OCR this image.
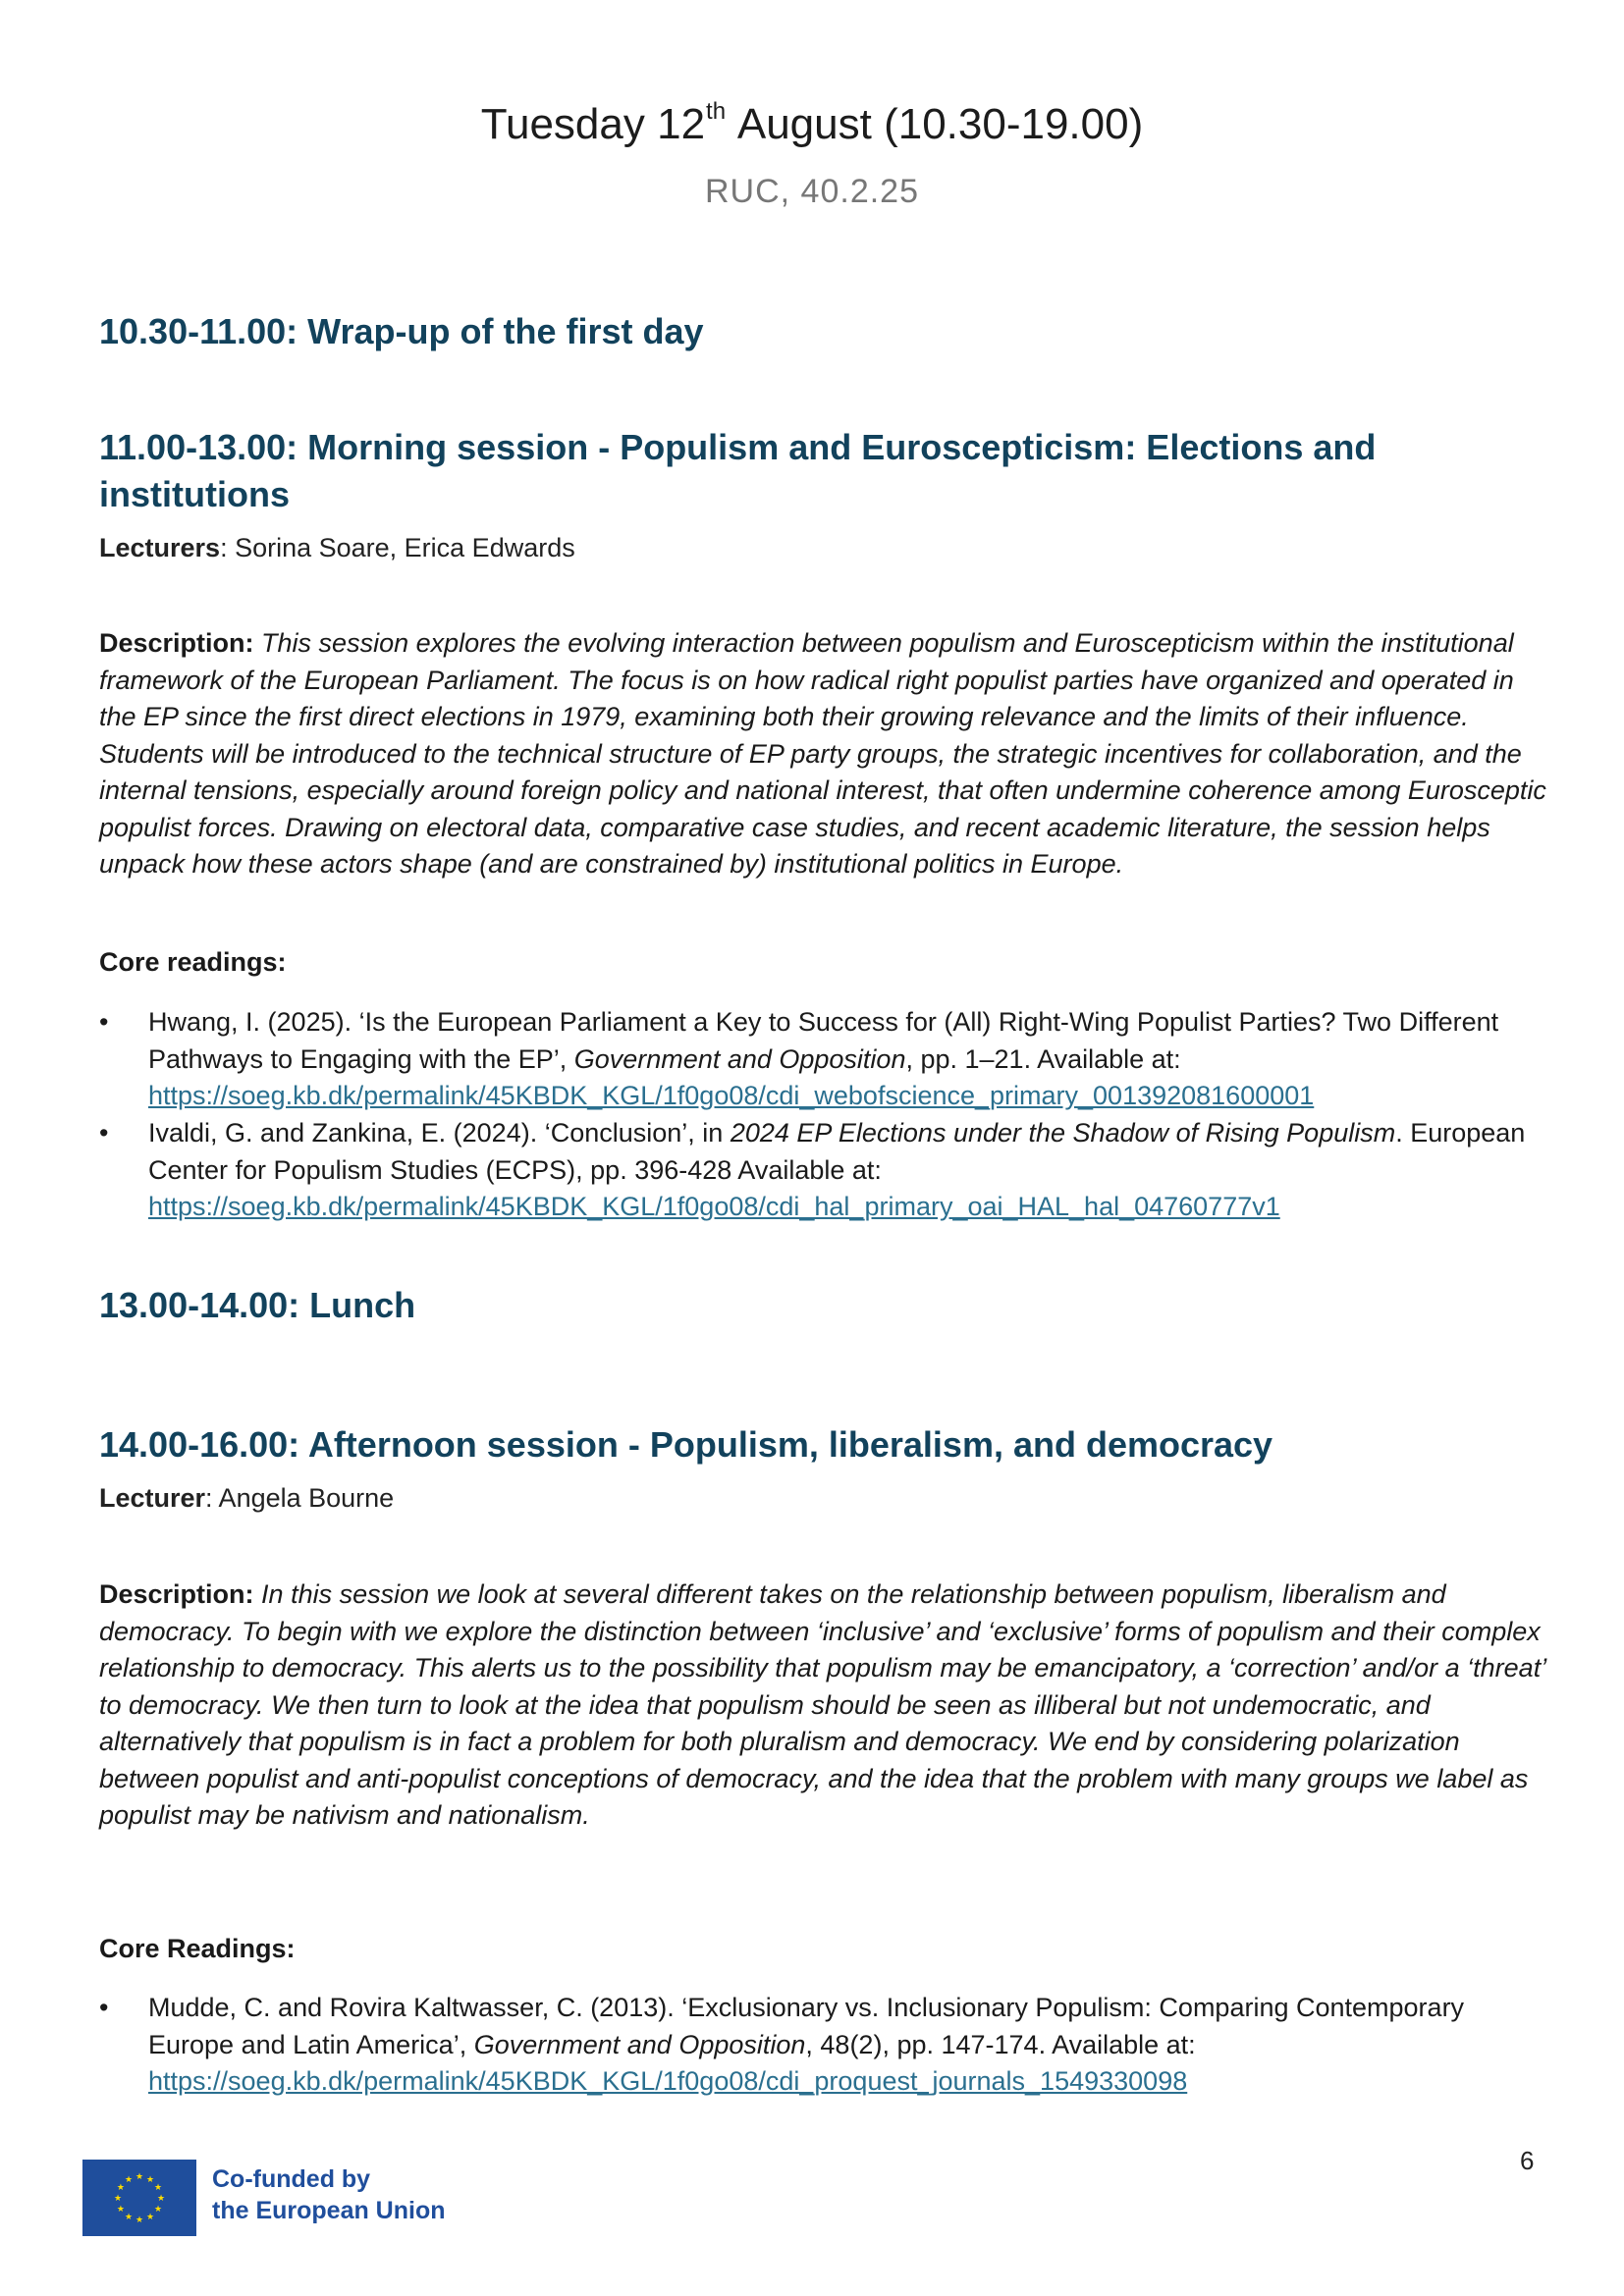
Tuesday 12th August (10.30-19.00)
RUC, 40.2.25
10.30-11.00: Wrap-up of the first day
11.00-13.00: Morning session - Populism and Euroscepticism: Elections and institutions
Lecturers: Sorina Soare, Erica Edwards
Description: This session explores the evolving interaction between populism and Euroscepticism within the institutional framework of the European Parliament. The focus is on how radical right populist parties have organized and operated in the EP since the first direct elections in 1979, examining both their growing relevance and the limits of their influence. Students will be introduced to the technical structure of EP party groups, the strategic incentives for collaboration, and the internal tensions, especially around foreign policy and national interest, that often undermine coherence among Eurosceptic populist forces. Drawing on electoral data, comparative case studies, and recent academic literature, the session helps unpack how these actors shape (and are constrained by) institutional politics in Europe.
Core readings:
•	Hwang, I. (2025). ‘Is the European Parliament a Key to Success for (All) Right-Wing Populist Parties? Two Different Pathways to Engaging with the EP’, Government and Opposition, pp. 1–21. Available at:
https://soeg.kb.dk/permalink/45KBDK_KGL/1f0go08/cdi_webofscience_primary_001392081600001
•	Ivaldi, G. and Zankina, E. (2024). ‘Conclusion’, in 2024 EP Elections under the Shadow of Rising Populism. European Center for Populism Studies (ECPS), pp. 396-428 Available at:
https://soeg.kb.dk/permalink/45KBDK_KGL/1f0go08/cdi_hal_primary_oai_HAL_hal_04760777v1
13.00-14.00: Lunch
14.00-16.00: Afternoon session - Populism, liberalism, and democracy
Lecturer: Angela Bourne
Description: In this session we look at several different takes on the relationship between populism, liberalism and democracy. To begin with we explore the distinction between ‘inclusive’ and ‘exclusive’ forms of populism and their complex relationship to democracy. This alerts us to the possibility that populism may be emancipatory, a ‘correction’ and/or a ‘threat’ to democracy. We then turn to look at the idea that populism should be seen as illiberal but not undemocratic, and alternatively that populism is in fact a problem for both pluralism and democracy. We end by considering polarization between populist and anti-populist conceptions of democracy, and the idea that the problem with many groups we label as populist may be nativism and nationalism.
Core Readings:
•	Mudde, C. and Rovira Kaltwasser, C. (2013). ‘Exclusionary vs. Inclusionary Populism: Comparing Contemporary Europe and Latin America’, Government and Opposition, 48(2), pp. 147-174. Available at:
https://soeg.kb.dk/permalink/45KBDK_KGL/1f0go08/cdi_proquest_journals_1549330098
★ ★
★
★
★
★
★
★
★
★
★
★	Co-funded by
the European Union
6
